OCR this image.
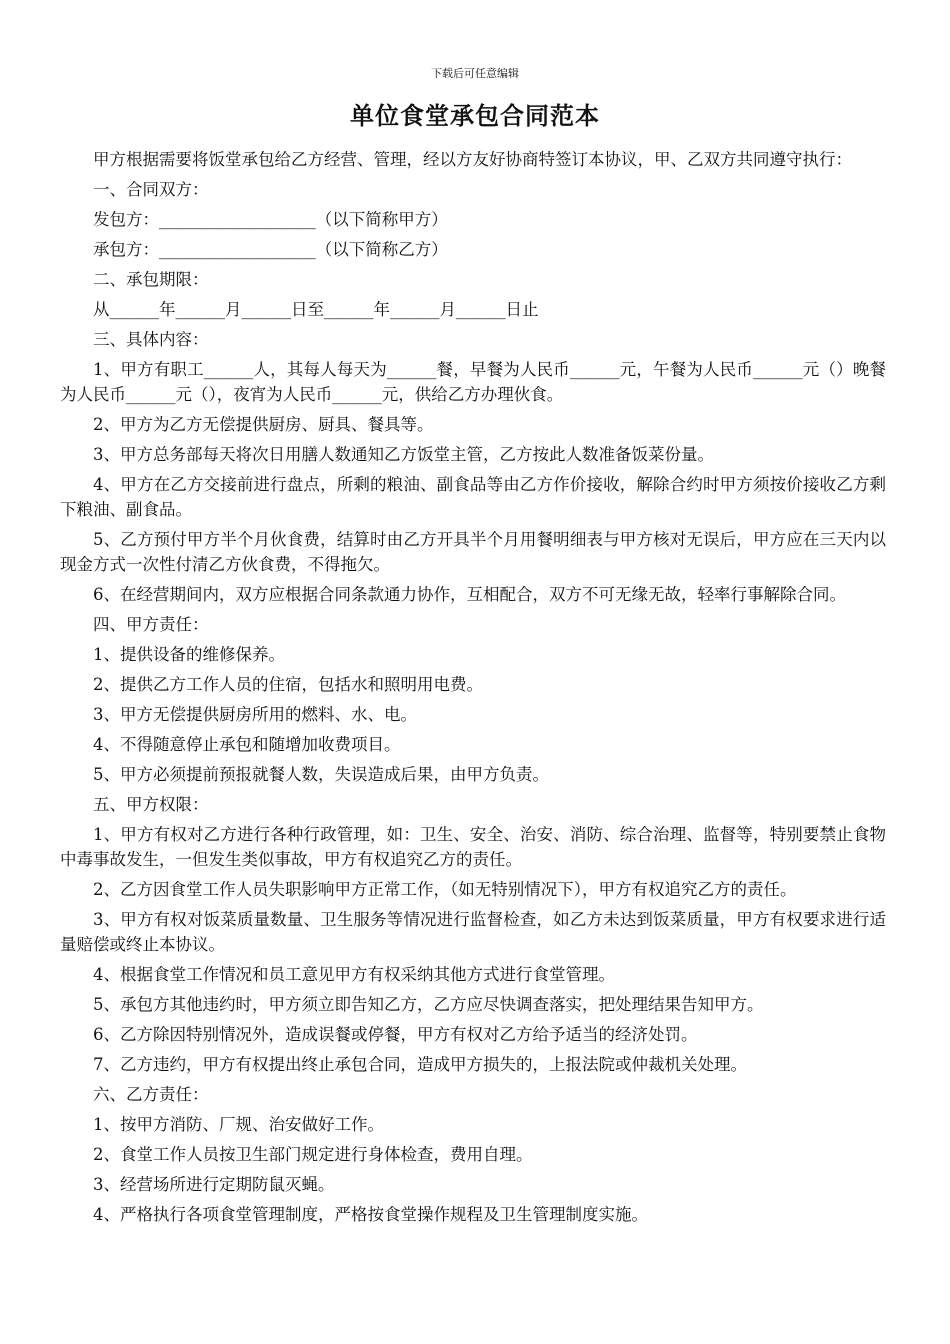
下载后可任意编辑
单位食堂承包合同范本

甲方根据需要将饭堂承包给乙方经营、管理，经以方友好协商特签订本协议，甲、乙双方共同遵守执行：

一、合同双方：

发包方：___________________（以下简称甲方）

承包方：___________________（以下简称乙方）

二、承包期限：

从______年______月______日至______年______月______日止

三、具体内容：

1、甲方有职工______人，其每人每天为______餐，早餐为人民币______元，午餐为人民币______元（）晚餐为人民币______元（），夜宵为人民币______元，供给乙方办理伙食。

2、甲方为乙方无偿提供厨房、厨具、餐具等。

3、甲方总务部每天将次日用膳人数通知乙方饭堂主管，乙方按此人数准备饭菜份量。

4、甲方在乙方交接前进行盘点，所剩的粮油、副食品等由乙方作价接收，解除合约时甲方须按价接收乙方剩下粮油、副食品。

5、乙方预付甲方半个月伙食费，结算时由乙方开具半个月用餐明细表与甲方核对无误后，甲方应在三天内以现金方式一次性付清乙方伙食费，不得拖欠。

6、在经营期间内，双方应根据合同条款通力协作，互相配合，双方不可无缘无故，轻率行事解除合同。

四、甲方责任：

1、提供设备的维修保养。

2、提供乙方工作人员的住宿，包括水和照明用电费。

3、甲方无偿提供厨房所用的燃料、水、电。

4、不得随意停止承包和随增加收费项目。

5、甲方必须提前预报就餐人数，失误造成后果，由甲方负责。

五、甲方权限：

1、甲方有权对乙方进行各种行政管理，如：卫生、安全、治安、消防、综合治理、监督等，特别要禁止食物中毒事故发生，一但发生类似事故，甲方有权追究乙方的责任。

2、乙方因食堂工作人员失职影响甲方正常工作，（如无特别情况下），甲方有权追究乙方的责任。

3、甲方有权对饭菜质量数量、卫生服务等情况进行监督检查，如乙方未达到饭菜质量，甲方有权要求进行适量赔偿或终止本协议。

4、根据食堂工作情况和员工意见甲方有权采纳其他方式进行食堂管理。

5、承包方其他违约时，甲方须立即告知乙方，乙方应尽快调查落实，把处理结果告知甲方。

6、乙方除因特别情况外，造成误餐或停餐，甲方有权对乙方给予适当的经济处罚。

7、乙方违约，甲方有权提出终止承包合同，造成甲方损失的，上报法院或仲裁机关处理。

六、乙方责任：

1、按甲方消防、厂规、治安做好工作。

2、食堂工作人员按卫生部门规定进行身体检查，费用自理。

3、经营场所进行定期防鼠灭蝇。

4、严格执行各项食堂管理制度，严格按食堂操作规程及卫生管理制度实施。
